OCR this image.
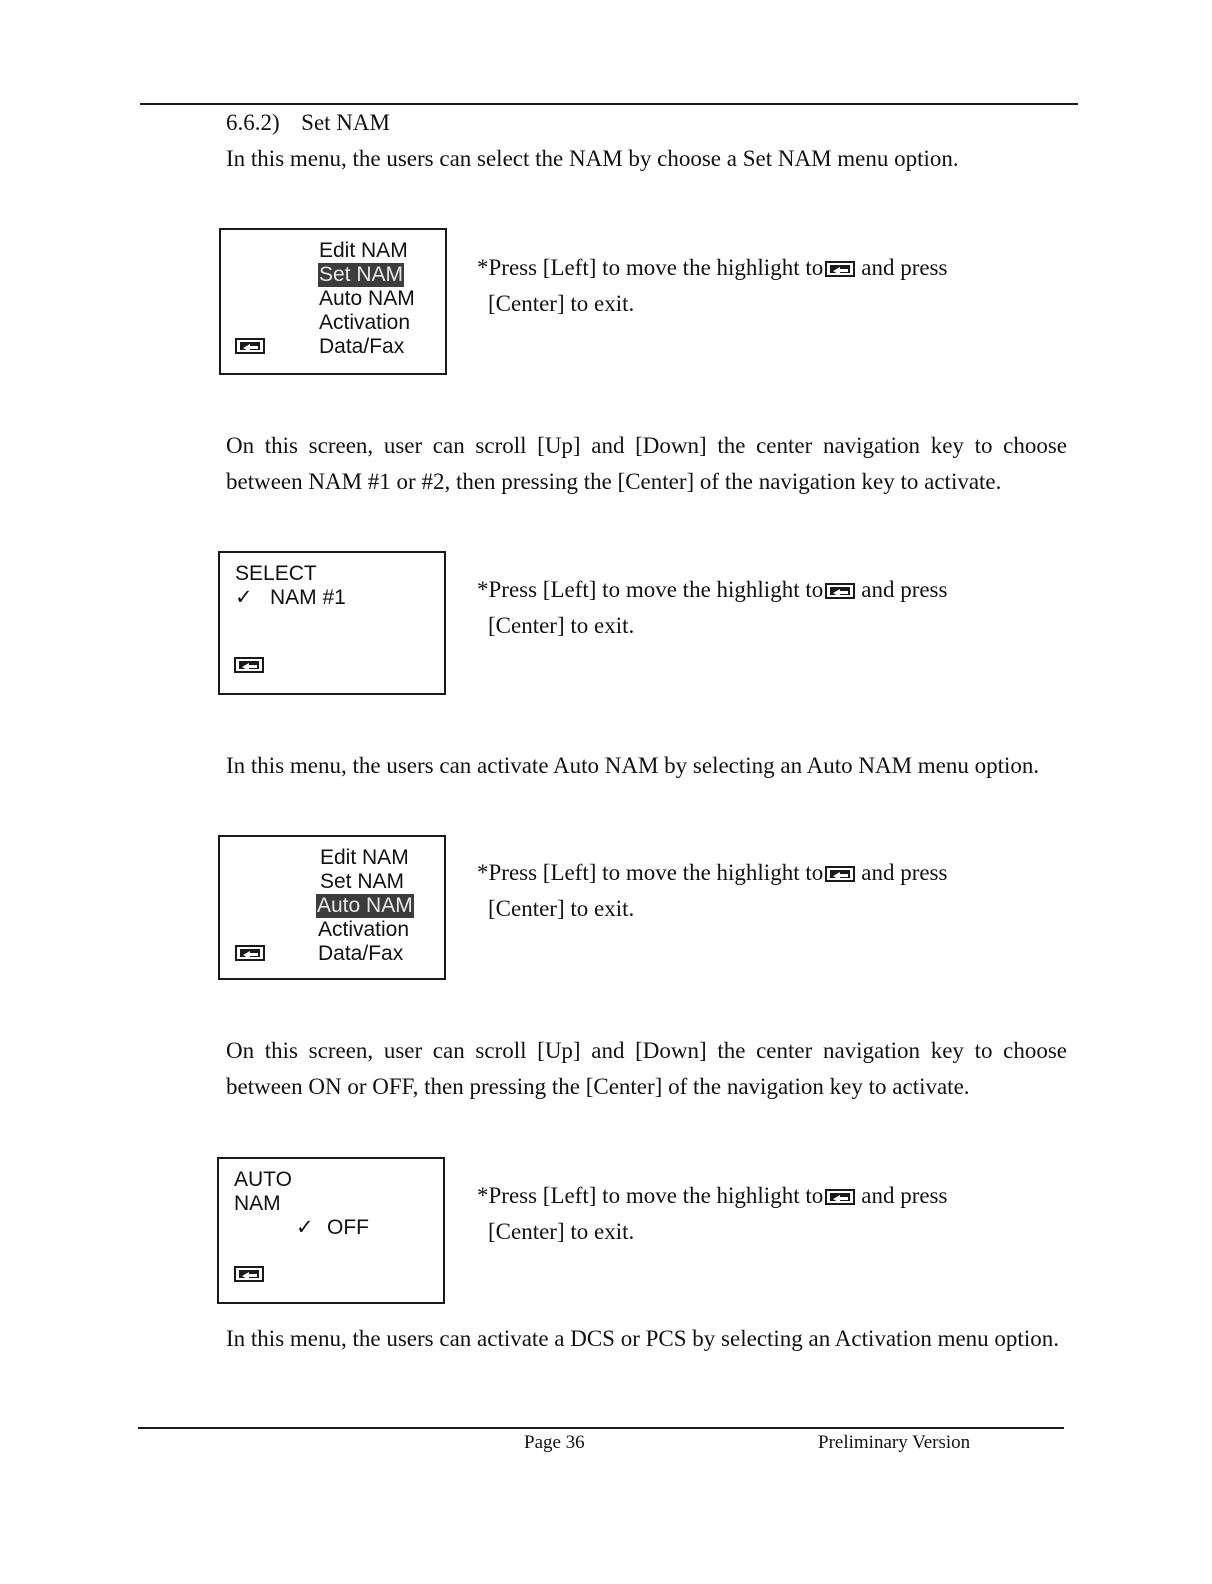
6.6.2) Set NAM
In this menu, the users can select the NAM by choose a Set NAM menu option.
Edit NAM
Set NAM
Auto NAM
Activation
Data/Fax
*Press [Left] to move the highlight to and press
[Center] to exit.
On this screen, user can scroll [Up] and [Down] the center navigation key to choose between NAM #1 or #2, then pressing the [Center] of the navigation key to activate.
SELECT
✓ NAM #1	*Press [Left] to move the highlight to and press
[Center] to exit.
In this menu, the users can activate Auto NAM by selecting an Auto NAM menu option.
Edit NAM
Set NAM
Auto NAM
Activation
Data/Fax
*Press [Left] to move the highlight to and press
[Center] to exit.
On this screen, user can scroll [Up] and [Down] the center navigation key to choose between ON or OFF, then pressing the [Center] of the navigation key to activate.
AUTO
NAM
✓ OFF
*Press [Left] to move the highlight to and press
[Center] to exit.
In this menu, the users can activate a DCS or PCS by selecting an Activation menu option.
Page 36	Preliminary Version
